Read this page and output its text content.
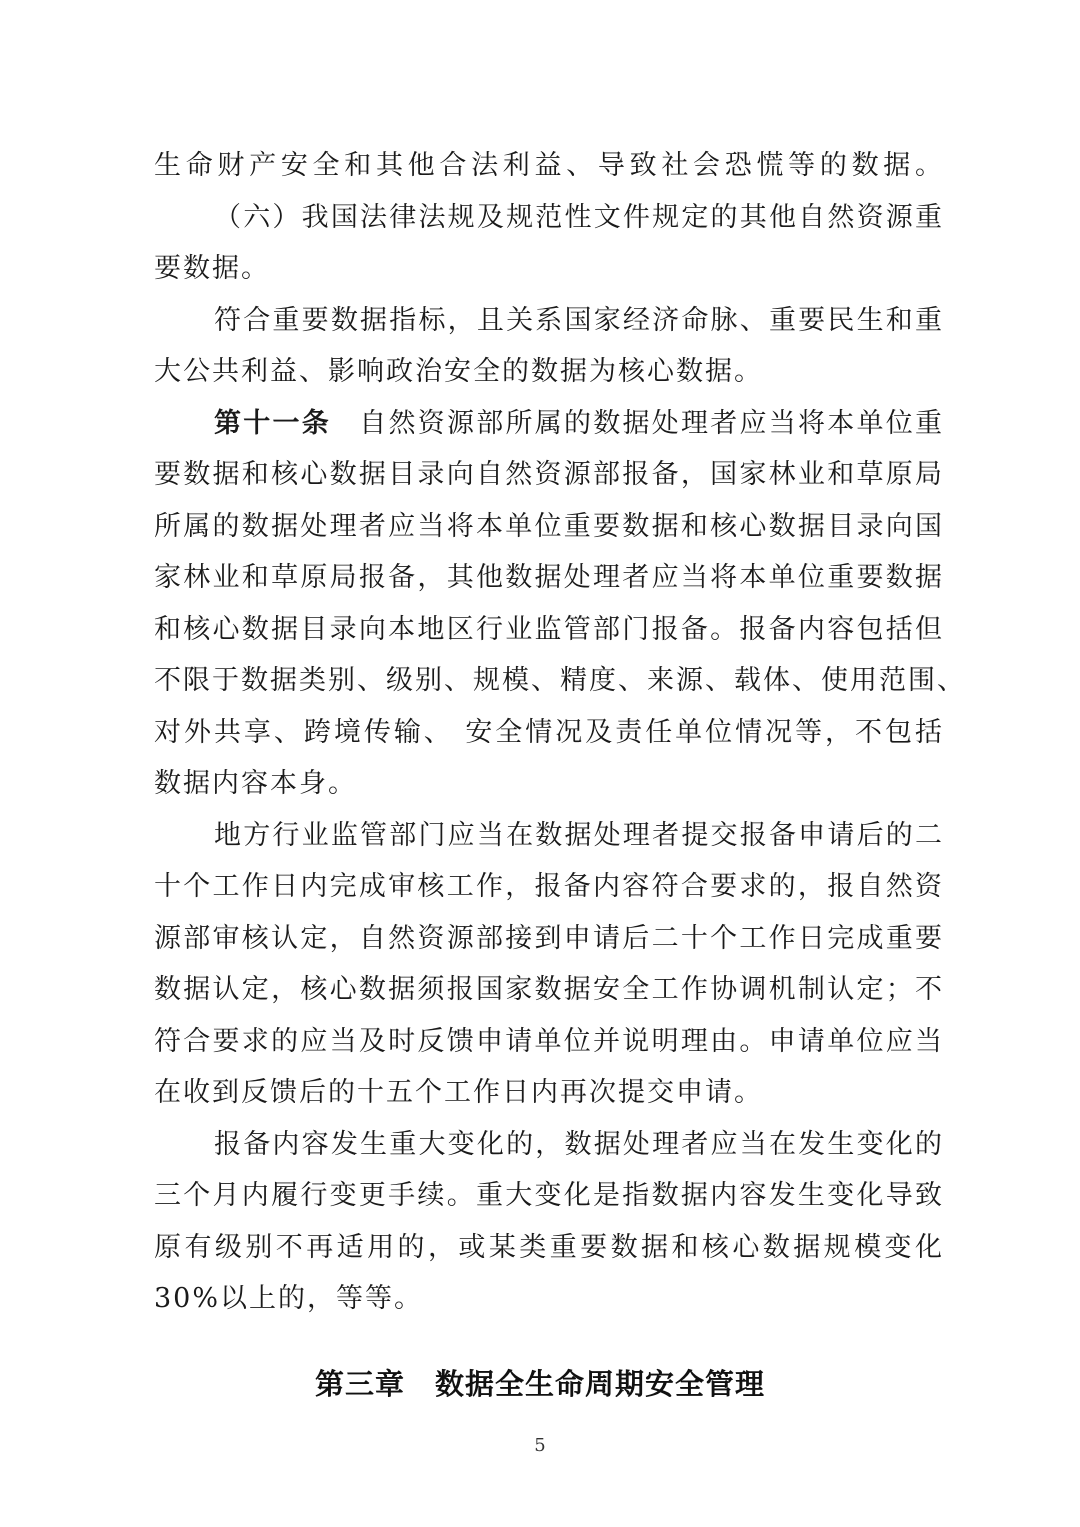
生命财产安全和其他合法利益、导致社会恐慌等的数据。
（六）我国法律法规及规范性文件规定的其他自然资源重
要数据。
符合重要数据指标，且关系国家经济命脉、重要民生和重
大公共利益、影响政治安全的数据为核心数据。
第十一条 自然资源部所属的数据处理者应当将本单位重
要数据和核心数据目录向自然资源部报备，国家林业和草原局
所属的数据处理者应当将本单位重要数据和核心数据目录向国
家林业和草原局报备，其他数据处理者应当将本单位重要数据
和核心数据目录向本地区行业监管部门报备。报备内容包括但
不限于数据类别、级别、规模、精度、来源、载体、使用范围、
对外共享、跨境传输、 安全情况及责任单位情况等，不包括
数据内容本身。
地方行业监管部门应当在数据处理者提交报备申请后的二
十个工作日内完成审核工作，报备内容符合要求的，报自然资
源部审核认定，自然资源部接到申请后二十个工作日完成重要
数据认定，核心数据须报国家数据安全工作协调机制认定；不
符合要求的应当及时反馈申请单位并说明理由。申请单位应当
在收到反馈后的十五个工作日内再次提交申请。
报备内容发生重大变化的，数据处理者应当在发生变化的
三个月内履行变更手续。重大变化是指数据内容发生变化导致
原有级别不再适用的，或某类重要数据和核心数据规模变化
30%以上的，等等。
第三章 数据全生命周期安全管理
5
